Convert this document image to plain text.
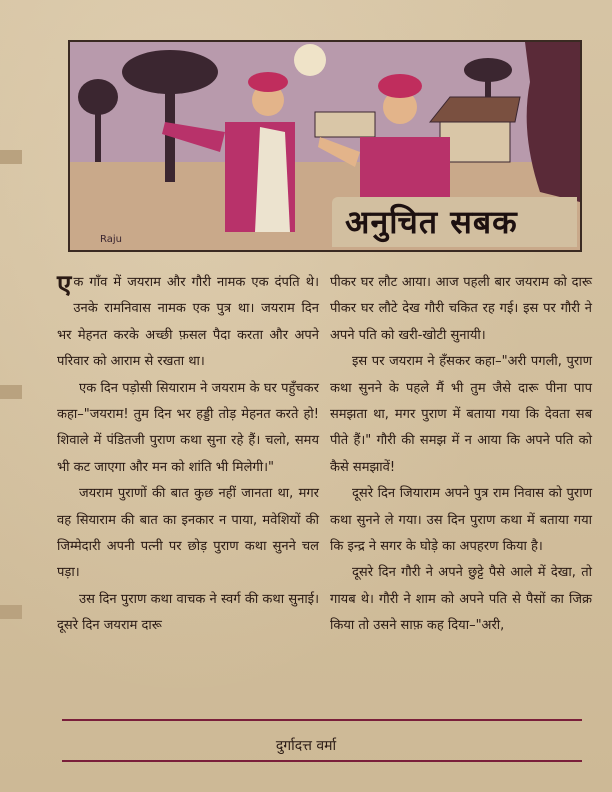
Raju	अनुचित सबक

एक गाँव में जयराम और गौरी नामक एक दंपति थे। उनके रामनिवास नामक एक पुत्र था। जयराम दिन भर मेहनत करके अच्छी फ़सल पैदा करता और अपने परिवार को आराम से रखता था।

एक दिन पड़ोसी सियाराम ने जयराम के घर पहुँचकर कहा–"जयराम! तुम दिन भर हड्डी तोड़ मेहनत करते हो! शिवाले में पंडितजी पुराण कथा सुना रहे हैं। चलो, समय भी कट जाएगा और मन को शांति भी मिलेगी।"

जयराम पुराणों की बात कुछ नहीं जानता था, मगर वह सियाराम की बात का इनकार न पाया, मवेशियों की जिम्मेदारी अपनी पत्नी पर छोड़ पुराण कथा सुनने चल पड़ा।

उस दिन पुराण कथा वाचक ने स्वर्ग की कथा सुनाई। दूसरे दिन जयराम दारू

पीकर घर लौट आया। आज पहली बार जयराम को दारू पीकर घर लौटे देख गौरी चकित रह गई। इस पर गौरी ने अपने पति को खरी-खोटी सुनायी।

इस पर जयराम ने हँसकर कहा–"अरी पगली, पुराण कथा सुनने के पहले मैं भी तुम जैसे दारू पीना पाप समझता था, मगर पुराण में बताया गया कि देवता सब पीते हैं।" गौरी की समझ में न आया कि अपने पति को कैसे समझावें!

दूसरे दिन जियाराम अपने पुत्र राम निवास को पुराण कथा सुनने ले गया। उस दिन पुराण कथा में बताया गया कि इन्द्र ने सगर के घोड़े का अपहरण किया है।

दूसरे दिन गौरी ने अपने छुट्टे पैसे आले में देखा, तो गायब थे। गौरी ने शाम को अपने पति से पैसों का जिक्र किया तो उसने साफ़ कह दिया–"अरी,

दुर्गादत्त वर्मा
